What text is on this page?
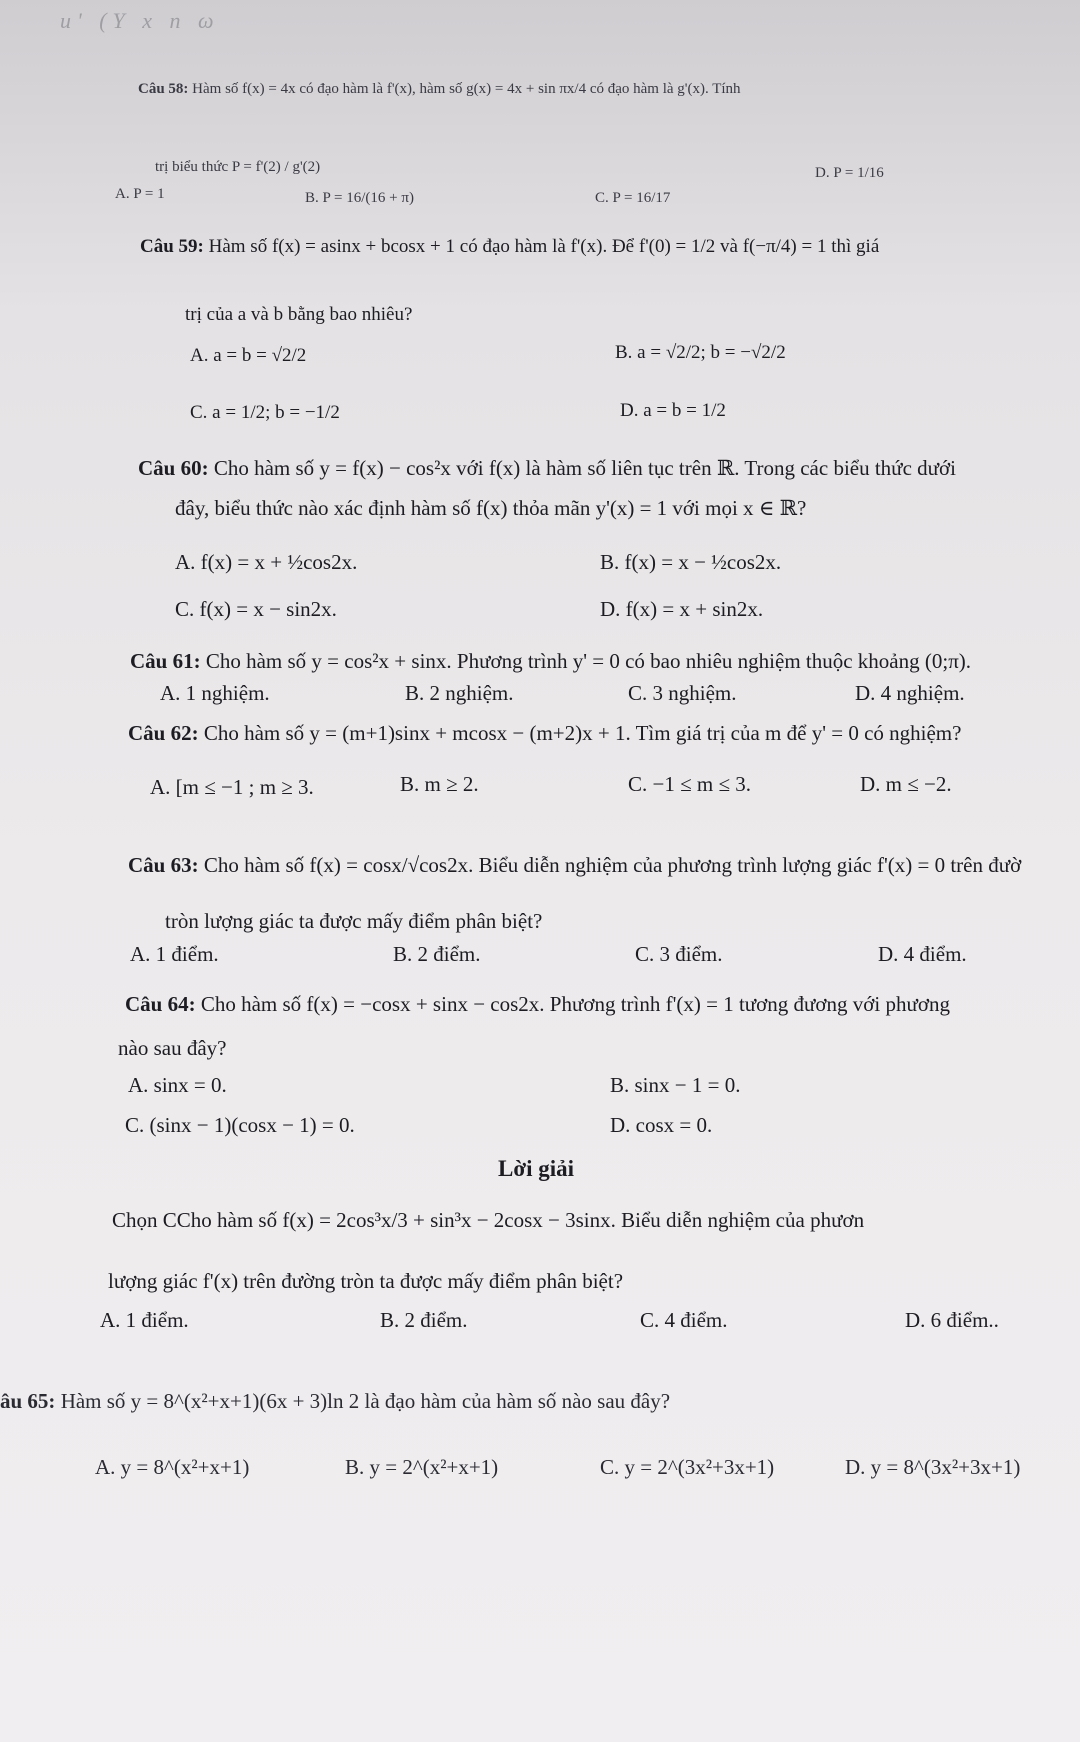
u' (Y x n ω
Câu 58: Hàm số f(x) = 4x có đạo hàm là f'(x), hàm số g(x) = 4x + sin πx/4 có đạo hàm là g'(x). Tính
trị biểu thức P = f'(2) / g'(2)
A. P = 1	B. P = 16/(16 + π)	C. P = 16/17
D. P = 1/16
Câu 59: Hàm số f(x) = asinx + bcosx + 1 có đạo hàm là f'(x). Để f'(0) = 1/2 và f(−π/4) = 1 thì giá
trị của a và b bằng bao nhiêu?
A. a = b = √2/2	B. a = √2/2; b = −√2/2
C. a = 1/2; b = −1/2	D. a = b = 1/2
Câu 60: Cho hàm số y = f(x) − cos²x với f(x) là hàm số liên tục trên ℝ. Trong các biểu thức dưới
đây, biểu thức nào xác định hàm số f(x) thỏa mãn y'(x) = 1 với mọi x ∈ ℝ?
A. f(x) = x + ½cos2x.	B. f(x) = x − ½cos2x.
C. f(x) = x − sin2x.	D. f(x) = x + sin2x.
Câu 61: Cho hàm số y = cos²x + sinx. Phương trình y' = 0 có bao nhiêu nghiệm thuộc khoảng (0;π).
A. 1 nghiệm.	B. 2 nghiệm.	C. 3 nghiệm.	D. 4 nghiệm.
Câu 62: Cho hàm số y = (m+1)sinx + mcosx − (m+2)x + 1. Tìm giá trị của m để y' = 0 có nghiệm?
A. [m ≤ −1 ; m ≥ 3.	B. m ≥ 2.	C. −1 ≤ m ≤ 3.	D. m ≤ −2.
Câu 63: Cho hàm số f(x) = cosx/√cos2x. Biểu diễn nghiệm của phương trình lượng giác f'(x) = 0 trên đườ
tròn lượng giác ta được mấy điểm phân biệt?
A. 1 điểm.	B. 2 điểm.	C. 3 điểm.	D. 4 điểm.
Câu 64: Cho hàm số f(x) = −cosx + sinx − cos2x. Phương trình f'(x) = 1 tương đương với phương
nào sau đây?
A. sinx = 0.	B. sinx − 1 = 0.
C. (sinx − 1)(cosx − 1) = 0.	D. cosx = 0.
Lời giải
Chọn CCho hàm số f(x) = 2cos³x/3 + sin³x − 2cosx − 3sinx. Biểu diễn nghiệm của phươn
lượng giác f'(x) trên đường tròn ta được mấy điểm phân biệt?
A. 1 điểm.	B. 2 điểm.	C. 4 điểm.	D. 6 điểm..
âu 65: Hàm số y = 8^(x²+x+1)(6x + 3)ln 2 là đạo hàm của hàm số nào sau đây?
A. y = 8^(x²+x+1)	B. y = 2^(x²+x+1)	C. y = 2^(3x²+3x+1)	D. y = 8^(3x²+3x+1)
